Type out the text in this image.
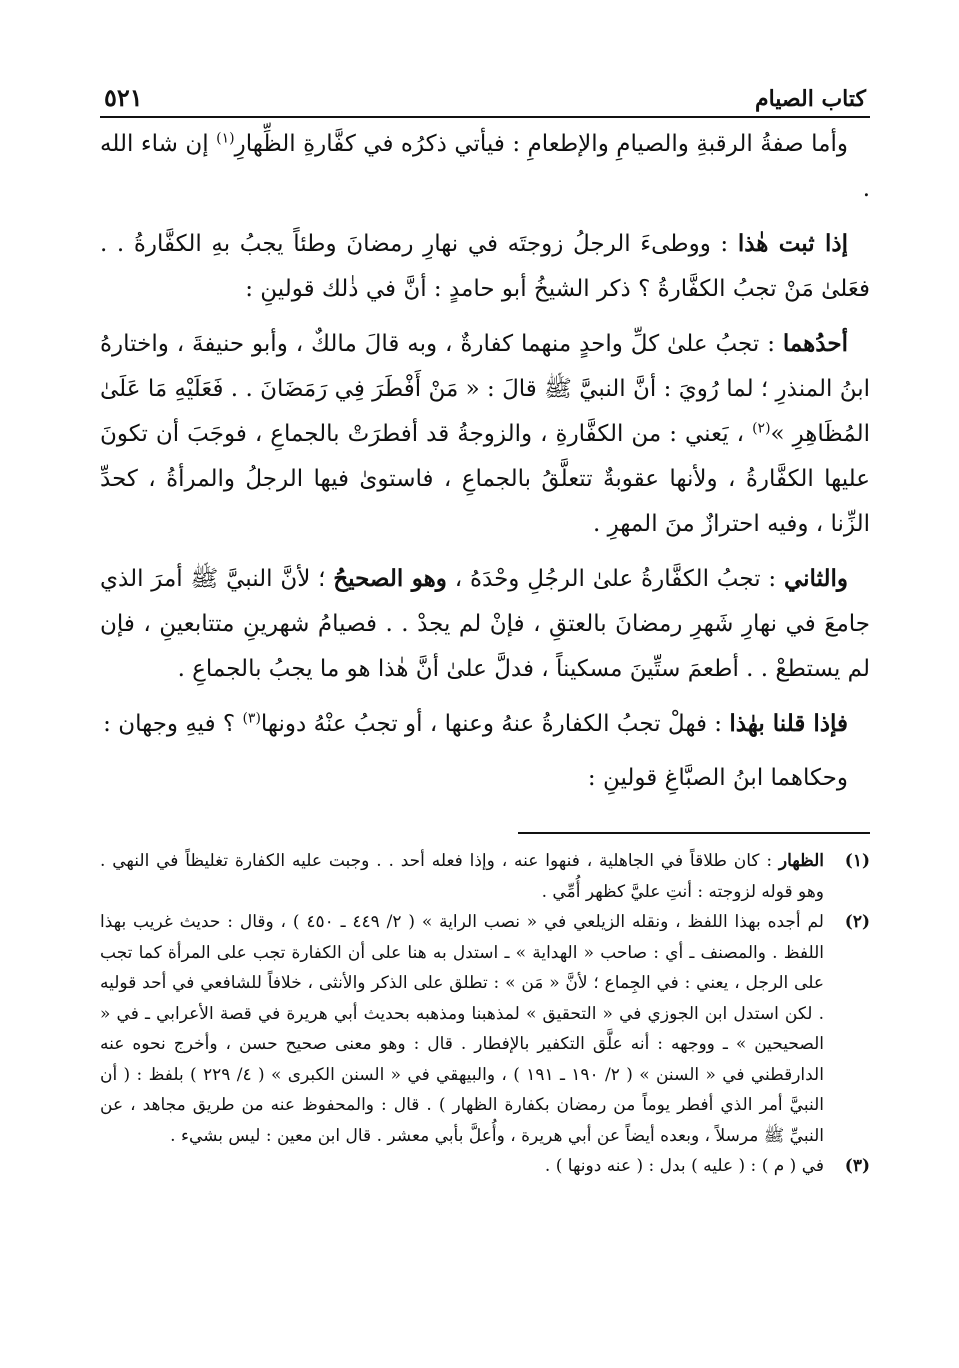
كتاب الصيام
٥٢١

وأما صفةُ الرقبةِ والصيامِ والإطعامِ : فيأتي ذكرُه في كفَّارةِ الظِّهارِ$^{(١)}$ إن شاء الله .

إذا ثبت هٰذا : ووطىءَ الرجلُ زوجتَه في نهارِ رمضانَ وطئاً يجبُ بهِ الكفَّارةُ . . فعَلىٰ مَنْ تجبُ الكفَّارةُ ؟ ذكر الشيخُ أبو حامدٍ : أنَّ في ذٰلك قولينِ :

أحدُهما : تجبُ علىٰ كلِّ واحدٍ منهما كفارةٌ ، وبه قالَ مالكٌ ، وأبو حنيفةَ ، واختارهُ ابنُ المنذرِ ؛ لما رُويَ : أنَّ النبيَّ ﷺ قالَ : « مَنْ أَفْطَرَ فِي رَمَضَانَ . . فَعَلَيْهِ مَا عَلَىٰ المُظَاهِرِ »$^{(٢)}$ ، يَعني : من الكفَّارةِ ، والزوجةُ قد أفطرَتْ بالجماعِ ، فوجَبَ أن تكونَ عليها الكفَّارةُ ، ولأنها عقوبةٌ تتعلَّقُ بالجماعِ ، فاستوىٰ فيها الرجلُ والمرأةُ ، كحدِّ الزِّنا ، وفيه احترازٌ منَ المهرِ .

والثاني : تجبُ الكفَّارةُ علىٰ الرجُلِ وحْدَهُ ، وهو الصحيحُ ؛ لأنَّ النبيَّ ﷺ أمرَ الذي جامعَ في نهارِ شَهرِ رمضانَ بالعتقِ ، فإنْ لم يجدْ . . فصيامُ شهرينِ متتابعينِ ، فإن لم يستطعْ . . أطعمَ ستِّينَ مسكيناً ، فدلَّ علىٰ أنَّ هٰذا هو ما يجبُ بالجماعِ .

فإذا قلنا بهٰذا : فهلْ تجبُ الكفارةُ عنهُ وعنها ، أو تجبُ عنْهُ دونها$^{(٣)}$ ؟ فيهِ وجهان :

وحكاهما ابنُ الصبَّاغِ قولينِ :

(١)
الظهار : كان طلاقاً في الجاهلية ، فنهوا عنه ، وإذا فعله أحد . . وجبت عليه الكفارة تغليظاً في النهي . وهو قوله لزوجته : أنتِ عليَّ كظهر أُمِّي .
(٢)
لم أجده بهذا اللفظ ، ونقله الزيلعي في « نصب الراية » ( ٢/ ٤٤٩ ـ ٤٥٠ ) ، وقال : حديث غريب بهذا اللفظ . والمصنف ـ أي : صاحب « الهداية » ـ استدل به هنا على أن الكفارة تجب على المرأة كما تجب على الرجل ، يعني : في الجِماع ؛ لأنَّ « مَن » : تطلق على الذكر والأنثى ، خلافاً للشافعي في أحد قوليه . لكن استدل ابن الجوزي في « التحقيق » لمذهبنا ومذهبه بحديث أبي هريرة في قصة الأعرابي ـ في « الصحيحين » ـ ووجهه : أنه علَّق التكفير بالإفطار . قال : وهو معنى صحيح حسن ، وأخرج نحوه عنه الدارقطني في « السنن » ( ٢/ ١٩٠ ـ ١٩١ ) ، والبيهقي في « السنن الكبرى » ( ٤/ ٢٢٩ ) بلفظ : ( أن النبيَّ أمر الذي أفطر يوماً من رمضان بكفارة الظهار ) . قال : والمحفوظ عنه من طريق مجاهد ، عن النبيِّ ﷺ مرسلاً ، وبعده أيضاً عن أبي هريرة ، وأُعلَّ بأبي معشر . قال ابن معين : ليس بشيء .
(٣)
في ( م ) : ( عليه ) بدل : ( عنه دونها ) .
